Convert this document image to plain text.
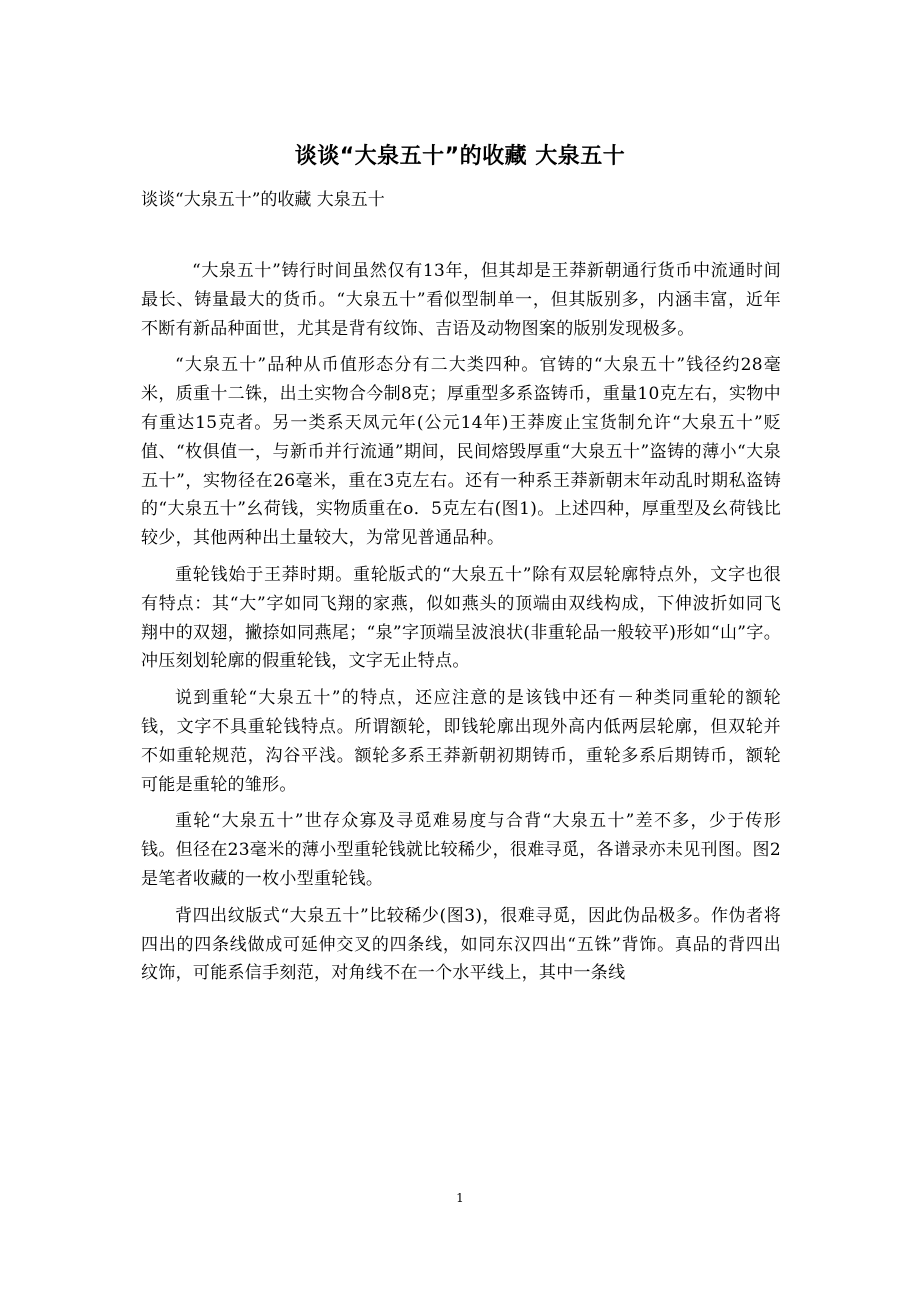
谈谈“大泉五十”的收藏 大泉五十

谈谈“大泉五十”的收藏 大泉五十

“大泉五十”铸行时间虽然仅有13年，但其却是王莽新朝通行货币中流通时间最长、铸量最大的货币。“大泉五十”看似型制单一，但其版别多，内涵丰富，近年不断有新品种面世，尤其是背有纹饰、吉语及动物图案的版别发现极多。

“大泉五十”品种从币值形态分有二大类四种。官铸的“大泉五十”钱径约28毫米，质重十二铢，出土实物合今制8克；厚重型多系盗铸币，重量10克左右，实物中有重达15克者。另一类系天凤元年(公元14年)王莽废止宝货制允许“大泉五十”贬值、“枚俱值一，与新币并行流通”期间，民间熔毁厚重“大泉五十”盗铸的薄小“大泉五十”，实物径在26毫米，重在3克左右。还有一种系王莽新朝末年动乱时期私盗铸的“大泉五十”幺荷钱，实物质重在o．5克左右(图1)。上述四种，厚重型及幺荷钱比较少，其他两种出土量较大，为常见普通品种。

重轮钱始于王莽时期。重轮版式的“大泉五十”除有双层轮廓特点外，文字也很有特点：其“大”字如同飞翔的家燕，似如燕头的顶端由双线构成，下伸波折如同飞翔中的双翅，撇捺如同燕尾；“泉”字顶端呈波浪状(非重轮品一般较平)形如“山”字。冲压刻划轮廓的假重轮钱，文字无止特点。

说到重轮“大泉五十”的特点，还应注意的是该钱中还有－种类同重轮的额轮钱，文字不具重轮钱特点。所谓额轮，即钱轮廓出现外高内低两层轮廓，但双轮并不如重轮规范，沟谷平浅。额轮多系王莽新朝初期铸币，重轮多系后期铸币，额轮可能是重轮的雏形。

重轮“大泉五十”世存众寡及寻觅难易度与合背“大泉五十”差不多，少于传形钱。但径在23毫米的薄小型重轮钱就比较稀少，很难寻觅，各谱录亦未见刊图。图2是笔者收藏的一枚小型重轮钱。

背四出纹版式“大泉五十”比较稀少(图3)，很难寻觅，因此伪品极多。作伪者将四出的四条线做成可延伸交叉的四条线，如同东汉四出“五铢”背饰。真品的背四出纹饰，可能系信手刻范，对角线不在一个水平线上，其中一条线

1
